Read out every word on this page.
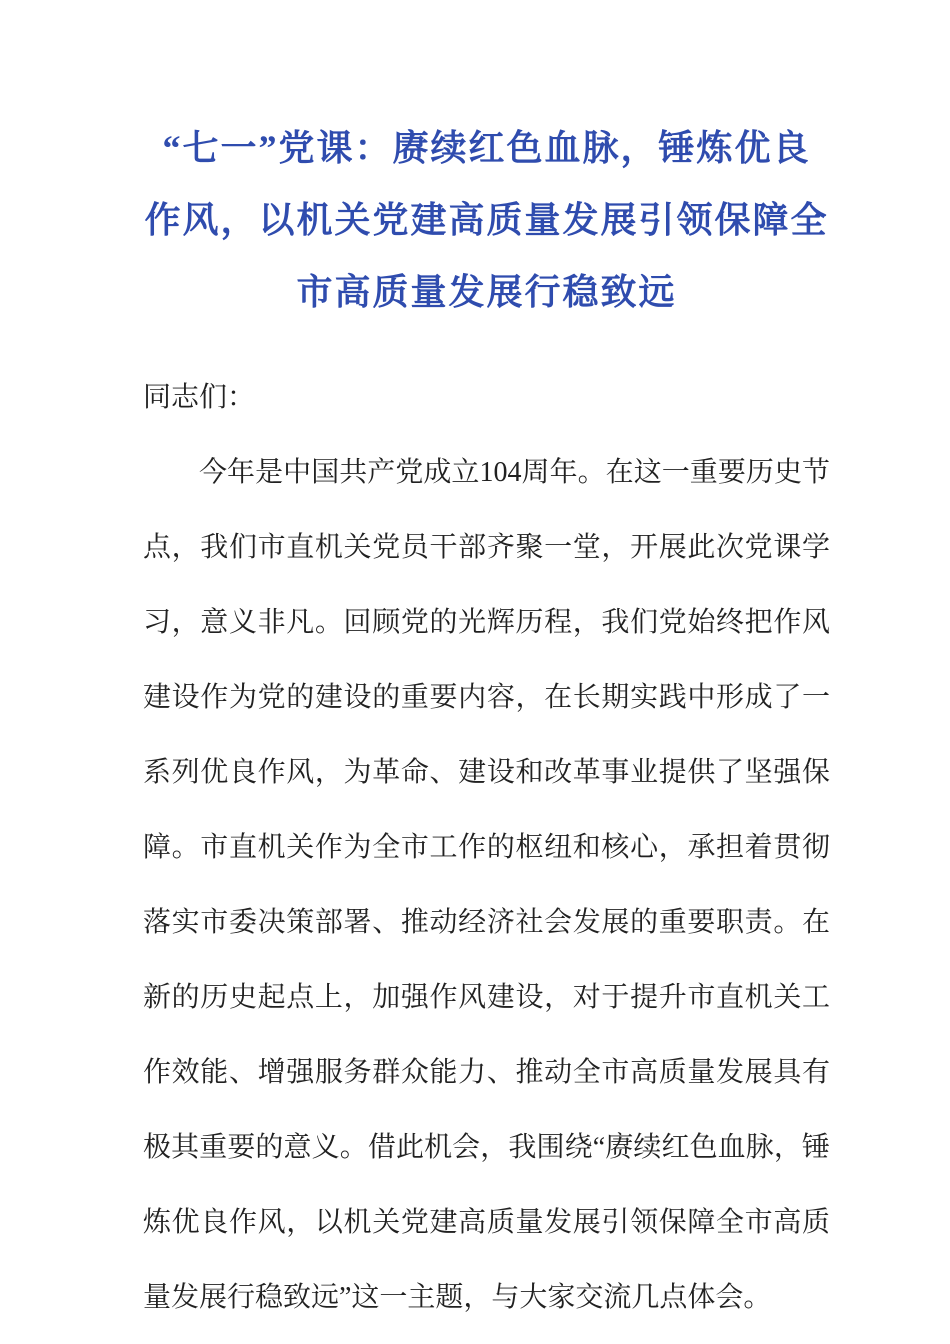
“七一”党课：赓续红色血脉，锤炼优良
作风，以机关党建高质量发展引领保障全
市高质量发展行稳致远

同志们：

今年是中国共产党成立104周年。在这一重要历史节点，我们市直机关党员干部齐聚一堂，开展此次党课学习，意义非凡。回顾党的光辉历程，我们党始终把作风建设作为党的建设的重要内容，在长期实践中形成了一系列优良作风，为革命、建设和改革事业提供了坚强保障。市直机关作为全市工作的枢纽和核心，承担着贯彻落实市委决策部署、推动经济社会发展的重要职责。在新的历史起点上，加强作风建设，对于提升市直机关工作效能、增强服务群众能力、推动全市高质量发展具有极其重要的意义。借此机会，我围绕“赓续红色血脉，锤炼优良作风，以机关党建高质量发展引领保障全市高质量发展行稳致远”这一主题，与大家交流几点体会。
